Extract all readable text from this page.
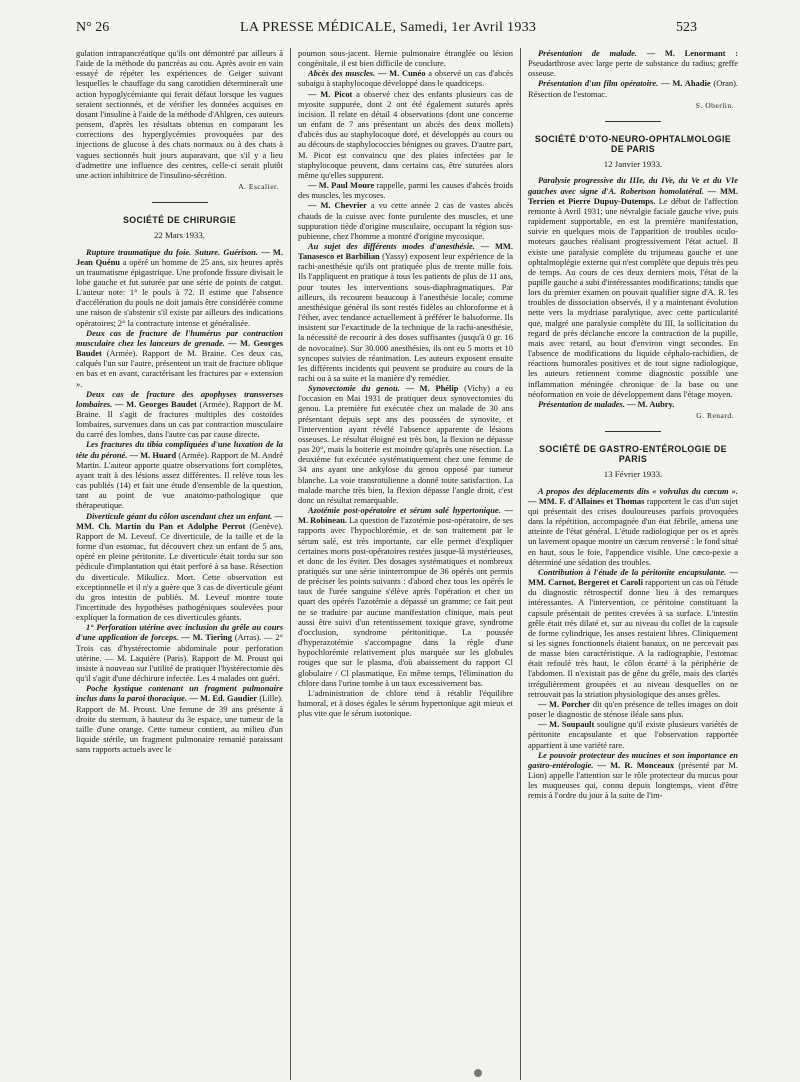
N° 26	LA PRESSE MÉDICALE, Samedi, 1er Avril 1933	523

gulation intrapancréatique qu'ils ont démontré par ailleurs à l'aide de la méthode du pancréas au cou. Après avoir en vain essayé de répéter les expériences de Geiger suivant lesquelles le chauffage du sang carotidien détermineraît une action hypoglycémiante qui ferait défaut lorsque les vagues seraient sectionnés, et de vérifier les données acquises en dosant l'insuline à l'aide de la méthode d'Ahlgren, ces auteurs pensent, d'après les résultats obtenus en comparant les corrections des hyperglycémies provoquées par des injections de glucose à des chats normaux ou à des chats à vagues sectionnés huit jours auparavant, que s'il y a lieu d'admettre une influence des centres, celle-ci serait plutôt une action inhibitrice de l'insulino-sécrétion.

A. Escalier.
SOCIÉTÉ DE CHIRURGIE
22 Mars 1933.

Rupture traumatique du foie. Suture. Guérison. — M. Jean Quénu a opéré un homme de 25 ans, six heures après un traumatisme épigastrique. Une profonde fissure divisait le lobe gauche et fut suturée par une série de points de catgut. L'auteur note: 1° le pouls à 72. Il estime que l'absence d'accélération du pouls ne doit jamais être considérée comme une raison de s'abstenir s'il existe par ailleurs des indications opératoires; 2° la contracture intense et généralisée.

Deux cas de fracture de l'humérus par contraction musculaire chez les lanceurs de grenade. — M. Georges Baudet (Armée). Rapport de M. Braine. Ces deux cas, calqués l'un sur l'autre, présentent un trait de fracture oblique en bas et en avant, caractérisant les fractures par « extension ».

Deux cas de fracture des apophyses transverses lombaires. — M. Georges Baudet (Armée). Rapport de M. Braine. Il s'agit de fractures multiples des costoïdes lombaires, survenues dans un cas par contraction musculaire du carré des lombes, dans l'autre cas par cause directe.

Les fractures du tibia compliquées d'une luxation de la tête du péroné. — M. Huard (Armée). Rapport de M. André Martin. L'auteur apporte quatre observations fort complètes, ayant trait à des lésions assez différentes. Il relève tous les cas publiés (14) et fait une étude d'ensemble de la question, tant au point de vue anatomo-pathologique que thérapeutique.

Diverticule géant du côlon ascendant chez un enfant. — MM. Ch. Martin du Pan et Adolphe Perrot (Genève). Rapport de M. Leveuf. Ce diverticule, de la taille et de la forme d'un estomac, fut découvert chez un enfant de 5 ans, opéré en pleine péritonite. Le diverticule était tordu sur son pédicule d'implantation qui était perforé à sa base. Résection du diverticule. Mikulicz. Mort. Cette observation est exceptionnelle et il n'y a guère que 3 cas de diverticule géant du gros intestin de publiés. M. Leveuf montre toute l'incertitude des hypothèses pathogéniques soulevées pour expliquer la formation de ces diverticules géants.

1° Perforation utérine avec inclusion du grêle au cours d'une application de forceps. — M. Tiering (Arras). — 2° Trois cas d'hystérectomie abdominale pour perforation utérine. — M. Laquière (Paris). Rapport de M. Proust qui insiste à nouveau sur l'utilité de pratiquer l'hystérectomie dès qu'il s'agit d'une déchirure infectée. Les 4 malades ont guéri.

Poche kystique contenant un fragment pulmonaire inclus dans la paroi thoracique. — M. Ed. Gaudier (Lille). Rapport de M. Proust. Une femme de 39 ans présente à droite du sternum, à hauteur du 3e espace, une tumeur de la taille d'une orange. Cette tumeur contient, au milieu d'un liquide stérile, un fragment pulmonaire remanié paraissant sans rapports actuels avec le

poumon sous-jacent. Hernie pulmonaire étranglée ou lésion congénitale, il est bien difficile de conclure.

Abcès des muscles. — M. Cunéo a observé un cas d'abcès subaigu à staphylocoque développé dans le quadriceps.

— M. Picot a observé chez des enfants plusieurs cas de myosite suppurée, dont 2 ont été également suturés après incision. Il relate en détail 4 observations (dont une concerne un enfant de 7 ans présentant un abcès des deux mollets) d'abcès dus au staphylocoque doré, et développés au cours ou au décours de staphylococcies bénignes ou graves. D'autre part, M. Picot est convaincu que des plaies infectées par le staphylocoque peuvent, dans certains cas, être suturées alors même qu'elles suppurent.

— M. Paul Moure rappelle, parmi les causes d'abcès froids des muscles, les mycoses.

— M. Chevrier a vu cette année 2 cas de vastes abcès chauds de la cuisse avec fonte purulente des muscles, et une suppuration tiède d'origine musculaire, occupant la région sus-pubienne, chez l'homme a montré d'origine mycosique.

Au sujet des différents modes d'anesthésie. — MM. Tanasesco et Barbilian (Yassy) exposent leur expérience de la rachi-anesthésie qu'ils ont pratiquée plus de trente mille fois. Ils l'appliquent en pratique à tous les patients de plus de 11 ans, pour toutes les interventions sous-diaphragmatiques. Par ailleurs, ils recourent beaucoup à l'anesthésie locale; comme anesthésique général ils sont restés fidèles au chloroforme et à l'éther, avec tendance actuellement à préférer le balsoforme. Ils insistent sur l'exactitude de la technique de la rachi-anesthésie, la nécessité de recourir à des doses suffisantes (jusqu'à 0 gr. 16 de novocaïne). Sur 30.000 anesthésies, ils ont eu 5 morts et 10 syncopes suivies de réanimation. Les auteurs exposent ensuite les différents incidents qui peuvent se produire au cours de la rachi ou à sa suite et la manière d'y remédier.

Synovectomie du genou. — M. Phélip (Vichy) a eu l'occasion en Mai 1931 de pratiquer deux synovectomies du genou. La première fut exécutée chez un malade de 30 ans présentant depuis sept ans des poussées de synovite, et l'intervention ayant révélé l'absence apparente de lésions osseuses. Le résultat éloigné est très bon, la flexion ne dépasse pas 20°, mais la boiterie est moindre qu'après une résection. La deuxième fut exécutée systématiquement chez une femme de 34 ans ayant une ankylose du genou opposé par tumeur blanche. La voie transrotulienne a donné toute satisfaction. La malade marche très bien, la flexion dépasse l'angle droit, c'est donc un résultat remarquable.

Azotémie post-opératoire et sérum salé hypertonique. — M. Robineau. La question de l'azotémie post-opératoire, de ses rapports avec l'hypochlorémie, et de son traitement par le sérum salé, est très importante, car elle permet d'expliquer certaines morts post-opératoires restées jusque-là mystérieuses, et donc de les éviter. Des dosages systématiques et nombreux pratiqués sur une série ininterrompue de 36 opérés ont permis de préciser les points suivants : d'abord chez tous les opérés le taux de l'urée sanguine s'élève après l'opération et chez un quart des opérés l'azotémie a dépassé un gramme; ce fait peut ne se traduire par aucune manifestation clinique, mais peut aussi être suivi d'un retentissement toxique grave, syndrome d'occlusion, syndrome péritonitique. La poussée d'hyperazotémie s'accompagne dans la règle d'une hypochlorémie relativement plus marquée sur les globules rouges que sur le plasma, d'où abaissement du rapport Cl globulaire / Cl plasmatique. En même temps, l'élimination du chlore dans l'urine tombe à un taux excessivement bas.

L'administration de chlore tend à rétablir l'équilibre humoral, et à doses égales le sérum hypertonique agit mieux et plus vite que le sérum isotonique.

Présentation de malade. — M. Lenormant : Pseudarthrose avec large perte de substance du radius; greffe osseuse.

Présentation d'un film opératoire. — M. Ahadie (Oran). Résection de l'estomac.

S. Oberlin.
SOCIÉTÉ D'OTO-NEURO-OPHTALMOLOGIE DE PARIS
12 Janvier 1933.

Paralysie progressive du IIIe, du IVe, du Ve et du VIe gauches avec signe d'A. Robertson homolatéral. — MM. Terrien et Pierre Dupuy-Dutemps. Le début de l'affection remonte à Avril 1931; une névralgie faciale gauche vive, puis rapidement supportable, en est la première manifestation, suivie en quelques mois de l'apparition de troubles oculo-moteurs gauches réalisant progressivement l'état actuel. Il existe une paralysie complète du trijumeau gauche et une ophtalmoplégie externe qui n'est complète que depuis très peu de temps. Au cours de ces deux derniers mois, l'état de la pupille gauche a subi d'intéressantes modifications; tandis que lors du premier examen on pouvait qualifier signe d'A. R. les troubles de dissociation observés, il y a maintenant évolution nette vers la mydriase paralytique, avec cette particularité que, malgré une paralysie complète du III, la sollicitation du regard de près déclanche encore la contraction de la pupille, mais avec retard, au bout d'environ vingt secondes. En l'absence de modifications du liquide céphalo-rachidien, de réactions humorales positives et de tout signe radiologique, les auteurs retiennent comme diagnostic possible une inflammation méningée chronique de la base ou une néoformation en voie de développement dans l'étage moyen.

Présentation de malades. — M. Aubry.

G. Renard.
SOCIÉTÉ DE GASTRO-ENTÉROLOGIE DE PARIS
13 Février 1933.

A propos des déplacements dits « volvulus du cæcum ». — MM. F. d'Allaines et Thomas rapportent le cas d'un sujet qui présentait des crises douloureuses parfois provoquées dans la répétition, accompagnée d'un état fébrile, amena une atteinte de l'état général. L'étude radiologique per os et après un lavement opaque montre un cæcum renversé : le fond situé en haut, sous le foie, l'appendice visible. Une cæco-pexie a déterminé une sédation des troubles.

Contribution à l'étude de la péritonite encapsulante. — MM. Carnot, Bergeret et Caroli rapportent un cas où l'étude du diagnostic rétrospectif donne lieu à des remarques intéressantes. A l'intervention, ce péritoine constituant la capsule présentait de petites crevées à sa surface. L'intestin grêle était très dilaté et, sur au niveau du collet de la capsule de forme cylindrique, les anses restaient libres. Cliniquement si les signes fonctionnels étaient banaux, on ne percevait pas de masse bien caractéristique. A la radiographie, l'estomac était refoulé très haut, le côlon écarté à la périphérie de l'abdomen. Il n'existait pas de gêne du grêle, mais des clartés irrégulièrement groupées et au niveau desquelles on ne retrouvait pas la striation physiologique des anses grêles.

— M. Porcher dit qu'en présence de telles images on doit poser le diagnostic de sténose iléale sans plus.

— M. Soupault souligne qu'il existe plusieurs variétés de péritonite encapsulante et que l'observation rapportée appartient à une variété rare.

Le pouvoir protecteur des mucines et son importance en gastro-entérologie. — M. R. Monceaux (présenté par M. Lion) appelle l'attention sur le rôle protecteur du mucus pour les muqueuses qui, connu depuis longtemps, vient d'être remis à l'ordre du jour à la suite de l'im-
